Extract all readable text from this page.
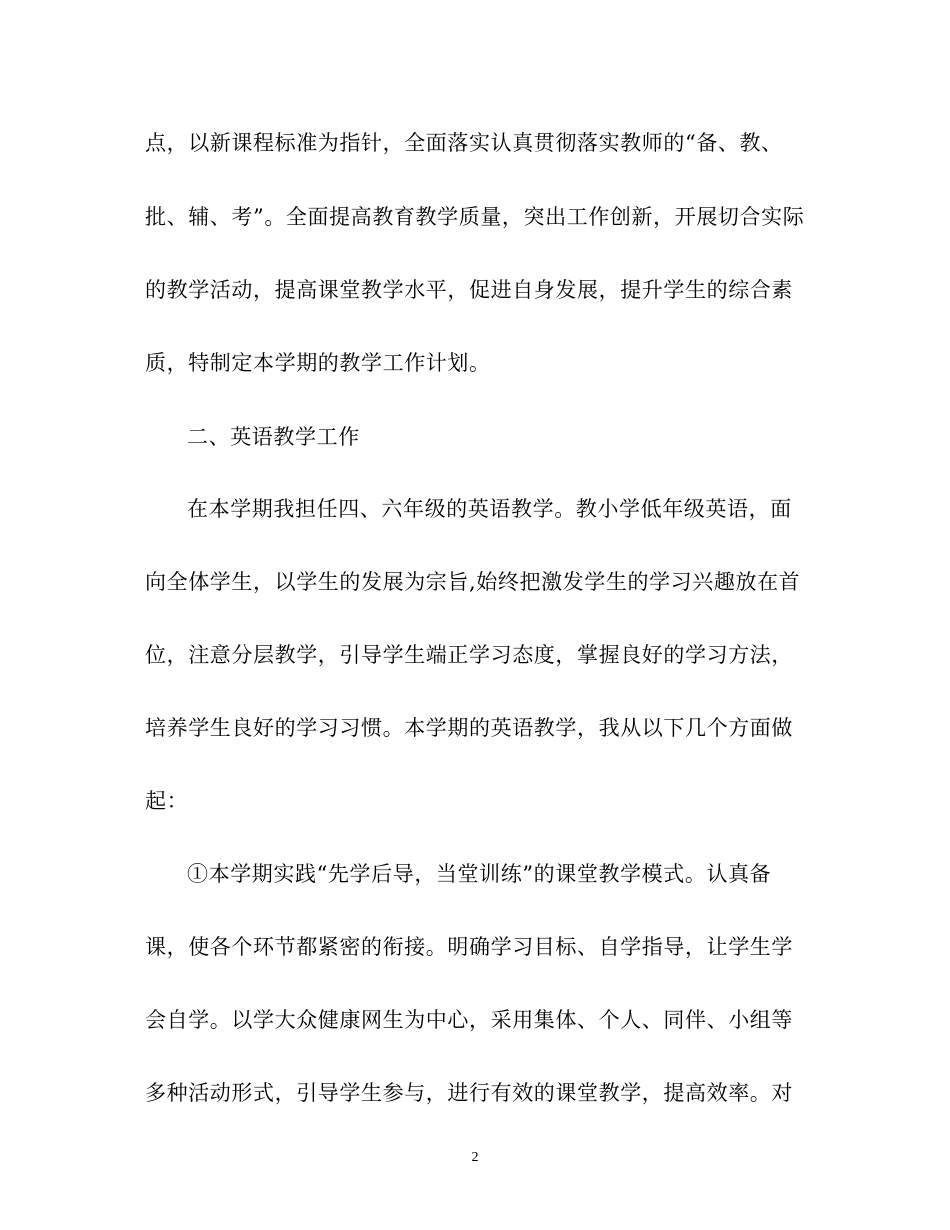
点，以新课程标准为指针，全面落实认真贯彻落实教师的“备、教、
批、辅、考”。全面提高教育教学质量，突出工作创新，开展切合实际
的教学活动，提高课堂教学水平，促进自身发展，提升学生的综合素
质，特制定本学期的教学工作计划。
二、英语教学工作
在本学期我担任四、六年级的英语教学。教小学低年级英语，面
向全体学生，以学生的发展为宗旨,始终把激发学生的学习兴趣放在首
位，注意分层教学，引导学生端正学习态度，掌握良好的学习方法，
培养学生良好的学习习惯。本学期的英语教学，我从以下几个方面做
起：
①本学期实践“先学后导，当堂训练”的课堂教学模式。认真备
课，使各个环节都紧密的衔接。明确学习目标、自学指导，让学生学
会自学。以学大众健康网生为中心，采用集体、个人、同伴、小组等
多种活动形式，引导学生参与，进行有效的课堂教学，提高效率。对
2
